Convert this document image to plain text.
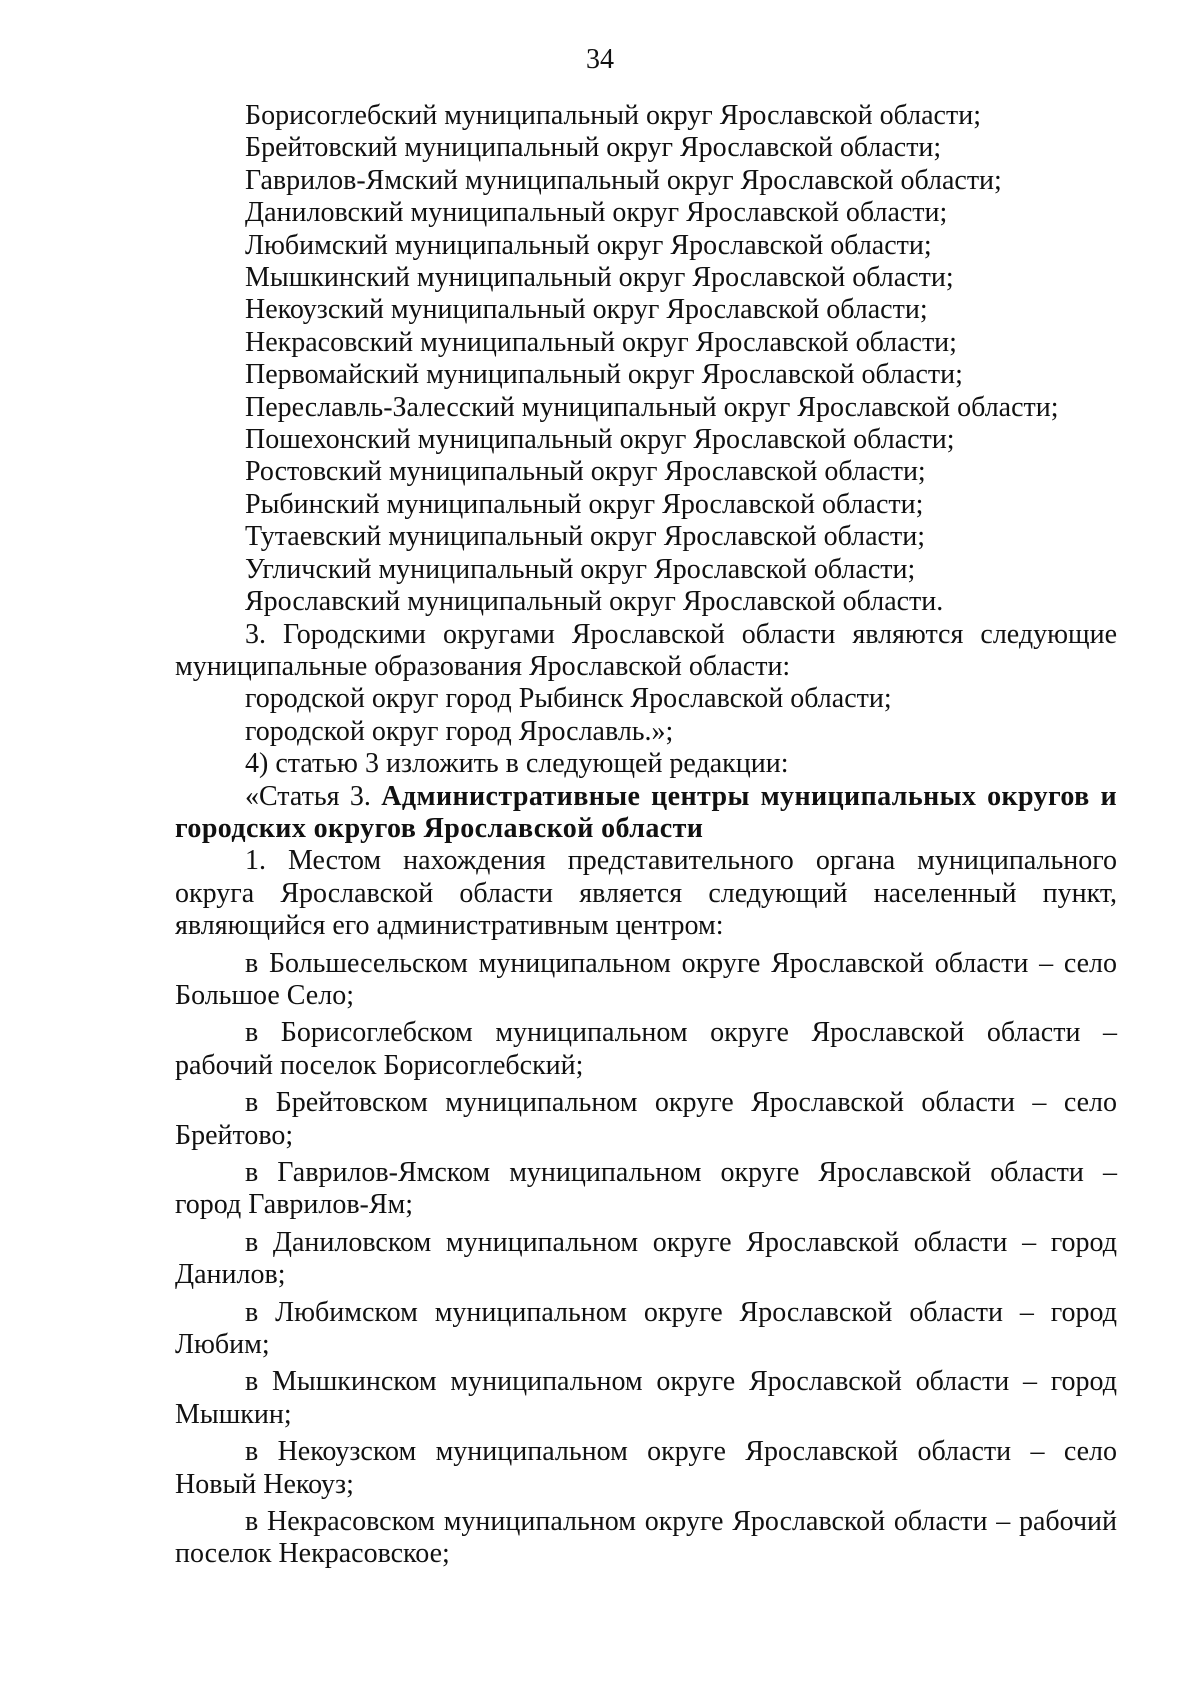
34

Борисоглебский муниципальный округ Ярославской области;

Брейтовский муниципальный округ Ярославской области;

Гаврилов-Ямский муниципальный округ Ярославской области;

Даниловский муниципальный округ Ярославской области;

Любимский муниципальный округ Ярославской области;

Мышкинский муниципальный округ Ярославской области;

Некоузский муниципальный округ Ярославской области;

Некрасовский муниципальный округ Ярославской области;

Первомайский муниципальный округ Ярославской области;

Переславль-Залесский муниципальный округ Ярославской области;

Пошехонский муниципальный округ Ярославской области;

Ростовский муниципальный округ Ярославской области;

Рыбинский муниципальный округ Ярославской области;

Тутаевский муниципальный округ Ярославской области;

Угличский муниципальный округ Ярославской области;

Ярославский муниципальный округ Ярославской области.

3. Городскими округами Ярославской области являются следующие муниципальные образования Ярославской области:

городской округ город Рыбинск Ярославской области;

городской округ город Ярославль.»;

4) статью 3 изложить в следующей редакции:

«Статья 3. Административные центры муниципальных округов и городских округов Ярославской области

1. Местом нахождения представительного органа муниципального округа Ярославской области является следующий населенный пункт, являющийся его административным центром:

в Большесельском муниципальном округе Ярославской области – село Большое Село;

в Борисоглебском муниципальном округе Ярославской области – рабочий поселок Борисоглебский;

в Брейтовском муниципальном округе Ярославской области – село Брейтово;

в Гаврилов-Ямском муниципальном округе Ярославской области – город Гаврилов-Ям;

в Даниловском муниципальном округе Ярославской области – город Данилов;

в Любимском муниципальном округе Ярославской области – город Любим;

в Мышкинском муниципальном округе Ярославской области – город Мышкин;

в Некоузском муниципальном округе Ярославской области – село Новый Некоуз;

в Некрасовском муниципальном округе Ярославской области – рабочий поселок Некрасовское;
